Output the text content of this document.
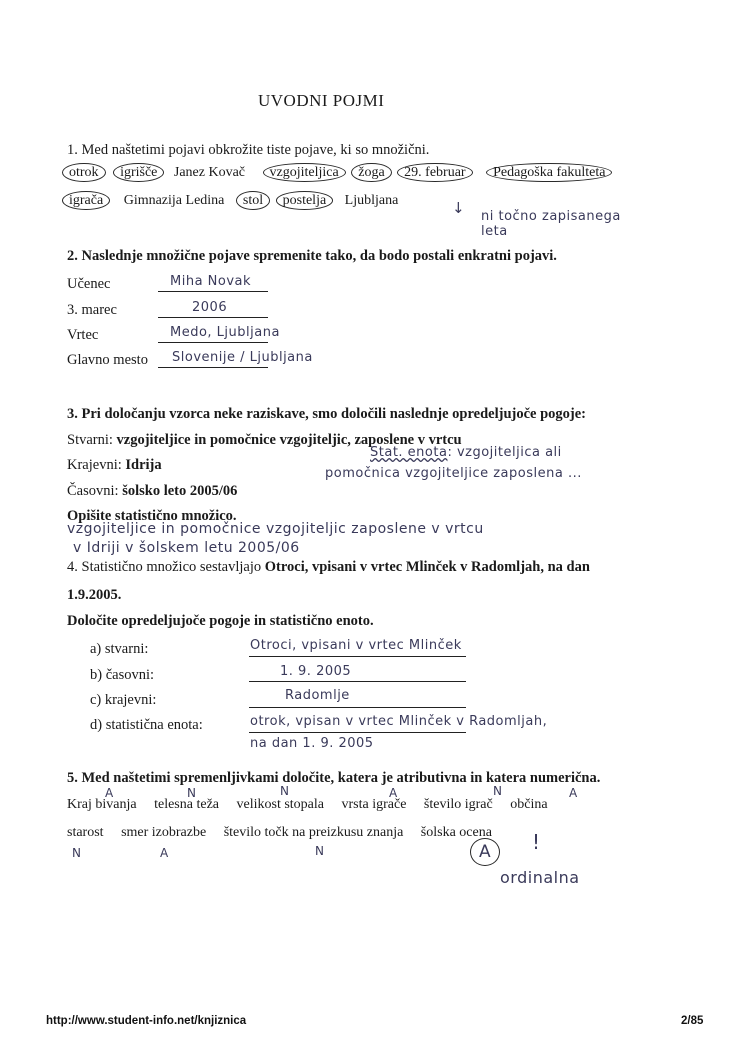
UVODNI POJMI
1. Med naštetimi pojavi obkrožite tiste pojave, ki so množični.
otrok igrišče Janez Kovač vzgojiteljica žoga 29. februar Pedagoška fakulteta
igrača Gimnazija Ledina stol postelja Ljubljana	↓ ni točno zapisanega
leta
2. Naslednje množične pojave spremenite tako, da bodo postali enkratni pojavi.
Učenec	Miha Novak
3. marec	2006
Vrtec	Medo, Ljubljana
Glavno mesto Slovenije / Ljubljana
3. Pri določanju vzorca neke raziskave, smo določili naslednje opredeljujoče pogoje:
Stvarni: vzgojiteljice in pomočnice vzgojiteljic, zaposlene v vrtcu
Krajevni: Idrija
Časovni: šolsko leto 2005/06
Stat. enota: vzgojiteljica ali
pomočnica vzgojiteljice zaposlena ...
Opišite statistično množico.
vzgojiteljice in pomočnice vzgojiteljic zaposlene v vrtcu
v Idriji v šolskem letu 2005/06
4. Statistično množico sestavljajo Otroci, vpisani v vrtec Mlinček v Radomljah, na dan
1.9.2005.
Določite opredeljujoče pogoje in statistično enoto.
a) stvarni:	Otroci, vpisani v vrtec Mlinček
b) časovni:	1. 9. 2005
c) krajevni:	Radomlje
d) statistična enota:	otrok, vpisan v vrtec Mlinček v Radomljah,
na dan 1. 9. 2005
5. Med naštetimi spremenljivkami določite, katera je atributivna in katera numerična.
A	N	N	A	N	A
Kraj bivanja telesna teža velikost stopala vrsta igrače število igrač občina
starost smer izobrazbe število točk na preizkusu znanja šolska ocena
N	A	N	A	!
ordinalna
http://www.student-info.net/knjiznica	2/85
